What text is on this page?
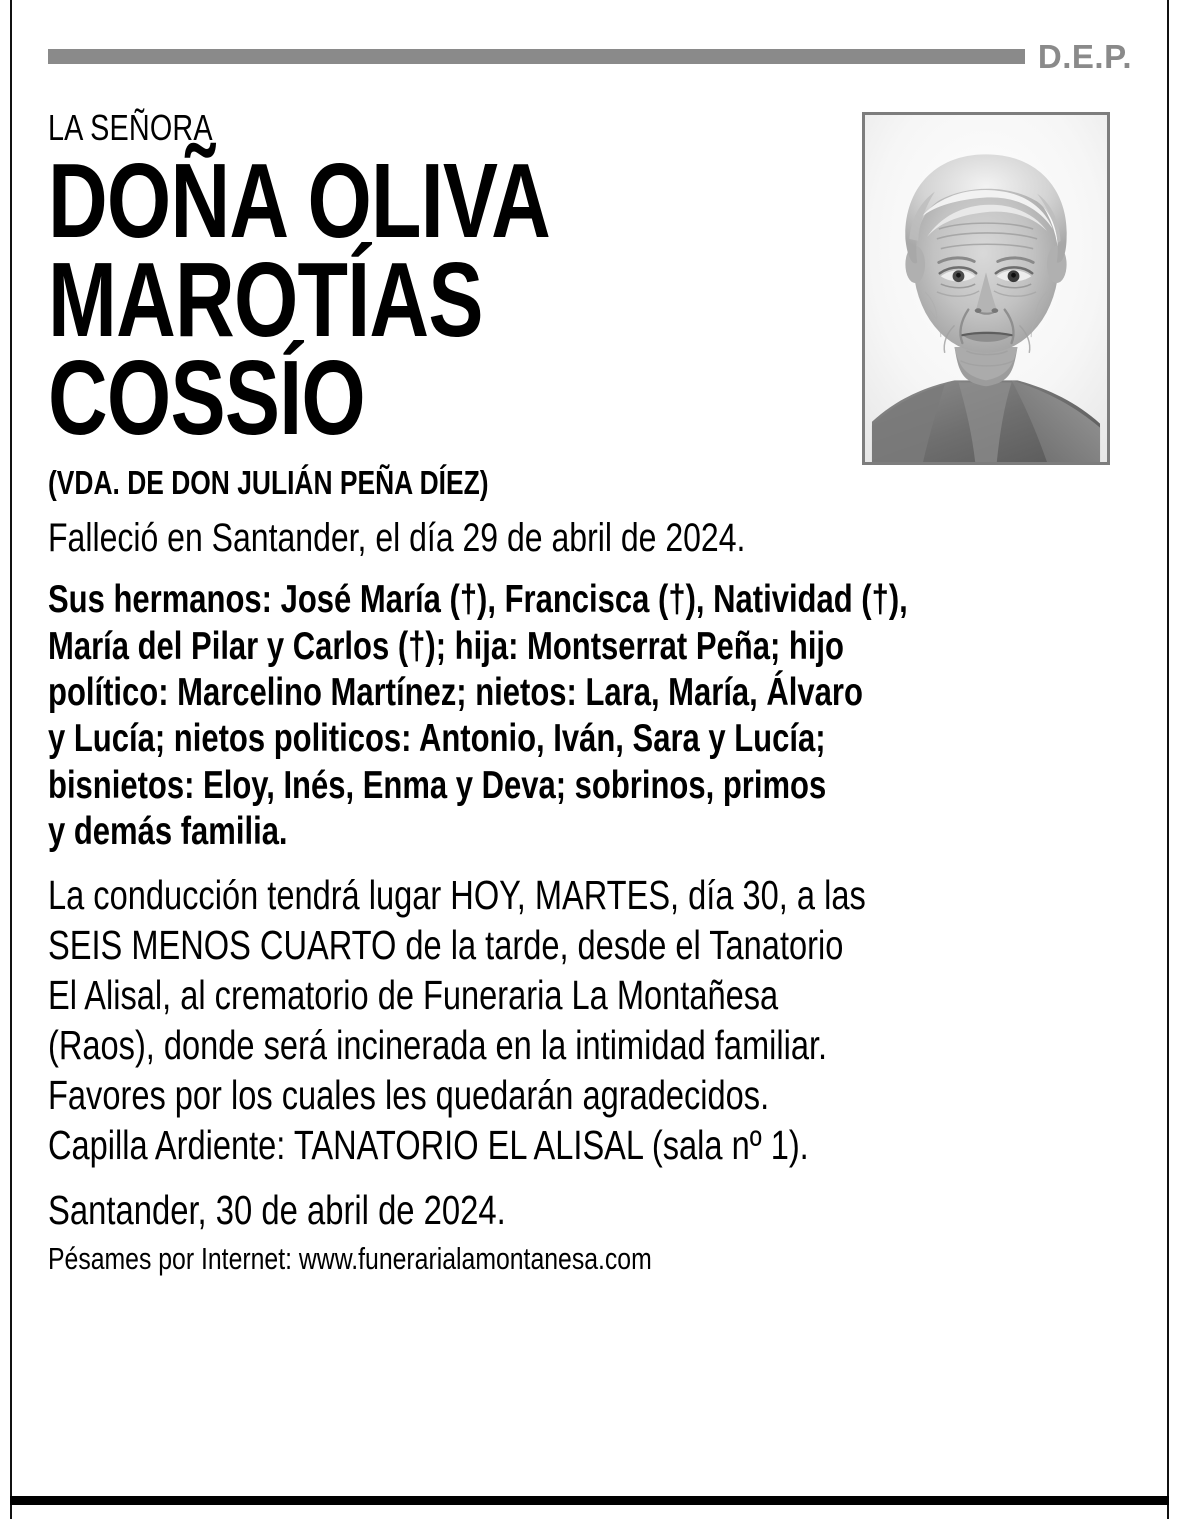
D.E.P.
LA SEÑORA
DOÑA OLIVA
MAROTÍAS
COSSÍO
(VDA. DE DON JULIÁN PEÑA DÍEZ)
Falleció en Santander, el día 29 de abril de 2024.
Sus hermanos: José María (†), Francisca (†), Natividad (†),
María del Pilar y Carlos (†); hija: Montserrat Peña; hijo
político: Marcelino Martínez; nietos: Lara, María, Álvaro
y Lucía; nietos politicos: Antonio, Iván, Sara y Lucía;
bisnietos: Eloy, Inés, Enma y Deva; sobrinos, primos
y demás familia.
La conducción tendrá lugar HOY, MARTES, día 30, a las
SEIS MENOS CUARTO de la tarde, desde el Tanatorio
El Alisal, al crematorio de Funeraria La Montañesa
(Raos), donde será incinerada en la intimidad familiar.
Favores por los cuales les quedarán agradecidos.
Capilla Ardiente: TANATORIO EL ALISAL (sala nº 1).
Santander, 30 de abril de 2024.
Pésames por Internet: www.funerarialamontanesa.com
